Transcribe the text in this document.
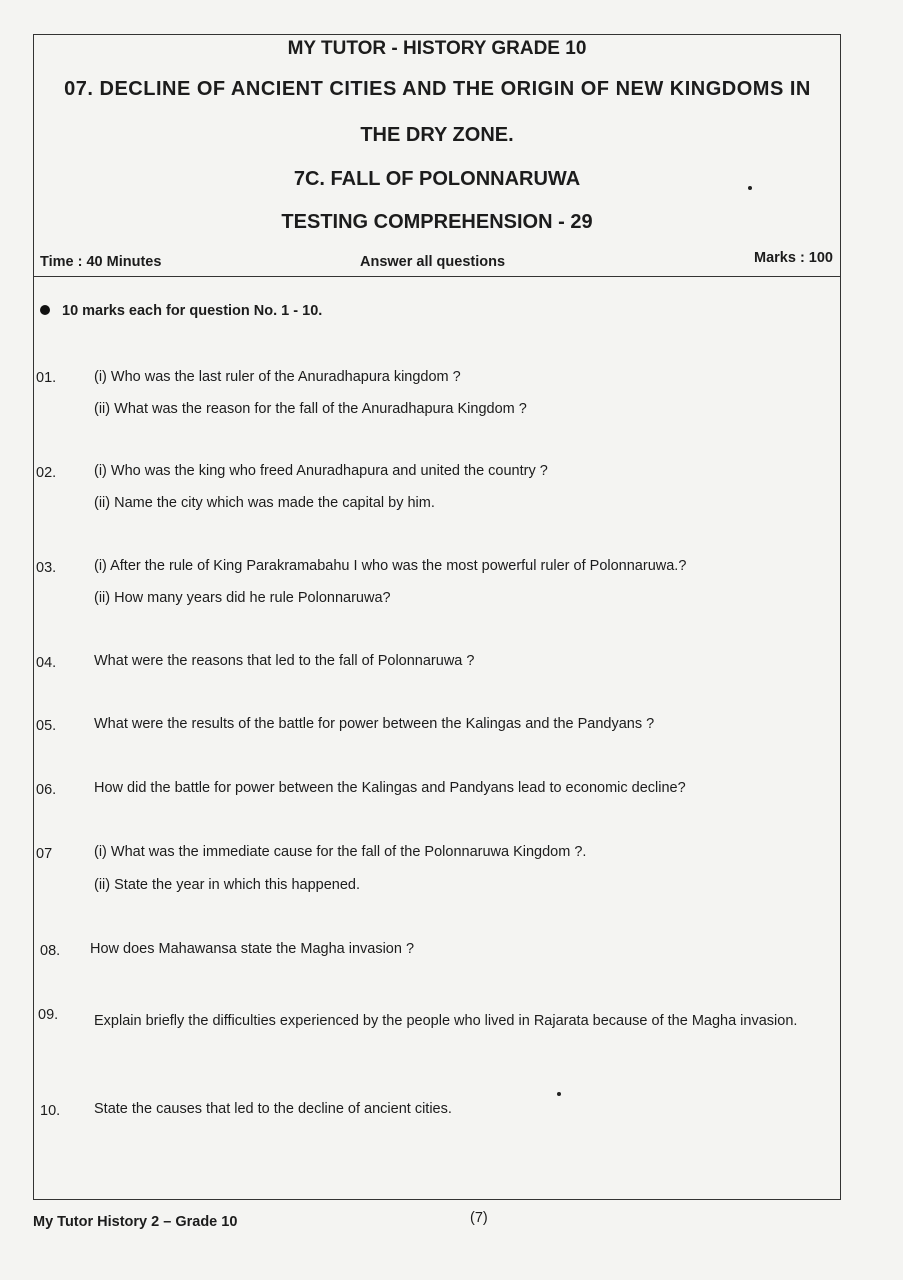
MY TUTOR - HISTORY GRADE 10
07. DECLINE OF ANCIENT CITIES AND THE ORIGIN OF NEW KINGDOMS IN
THE DRY ZONE.
7C. FALL OF POLONNARUWA
TESTING COMPREHENSION - 29
Time : 40 Minutes	Answer all questions	Marks : 100
10 marks each for question No. 1 - 10.
01.	(i) Who was the last ruler of the Anuradhapura kingdom ?
(ii) What was the reason for the fall of the Anuradhapura Kingdom ?
02.	(i) Who was the king who freed Anuradhapura and united the country ?
(ii) Name the city which was made the capital by him.
03.	(i) After the rule of King Parakramabahu I who was the most powerful ruler of Polonnaruwa.?
(ii) How many years did he rule Polonnaruwa?
04.	What were the reasons that led to the fall of Polonnaruwa ?
05.	What were the results of the battle for power between the Kalingas and the Pandyans ?
06.	How did the battle for power between the Kalingas and Pandyans lead to economic decline?
07	(i) What was the immediate cause for the fall of the Polonnaruwa Kingdom ?.
(ii) State the year in which this happened.
08. How does Mahawansa state the Magha invasion ?
09. Explain briefly the difficulties experienced by the people who lived in Rajarata because of the Magha invasion.
10. State the causes that led to the decline of ancient cities.
My Tutor History 2 – Grade 10	(7)
